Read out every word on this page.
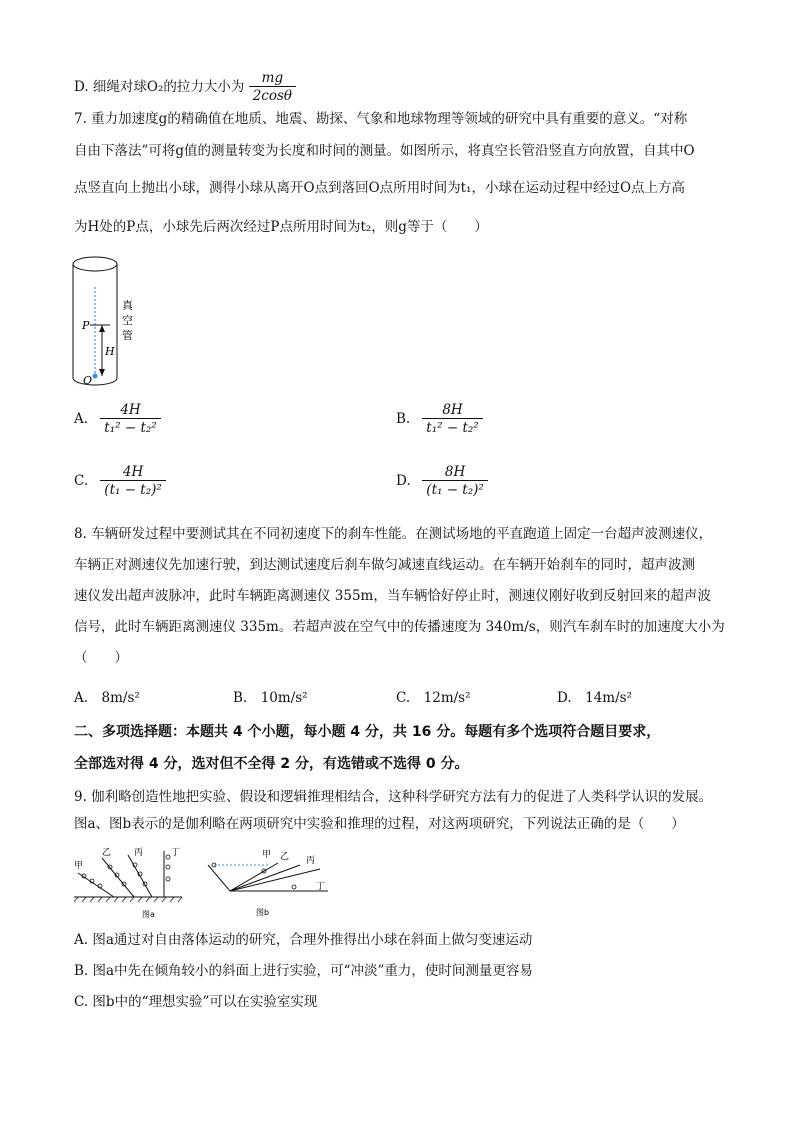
D. 细绳对球O₂的拉力大小为 $\frac{mg}{2\cos\theta}$
7. 重力加速度g的精确值在地质、地震、勘探、气象和地球物理等领域的研究中具有重要的意义。“对称
自由下落法”可将g值的测量转变为长度和时间的测量。如图所示，将真空长管沿竖直方向放置，自其中O
点竖直向上抛出小球，测得小球从离开O点到落回O点所用时间为t₁，小球在运动过程中经过O点上方高
为H处的P点，小球先后两次经过P点所用时间为t₂，则g等于（　　）
P
H
O
真
空
管
A. $\frac{4H}{\text{t₁² − t₂²}}$	B. $\frac{8H}{\text{t₁² − t₂²}}$
C. $\frac{4H}{\text{(t₁ − t₂)²}}$	D. $\frac{8H}{\text{(t₁ − t₂)²}}$
8. 车辆研发过程中要测试其在不同初速度下的刹车性能。在测试场地的平直跑道上固定一台超声波测速仪，
车辆正对测速仪先加速行驶，到达测试速度后刹车做匀减速直线运动。在车辆开始刹车的同时，超声波测
速仪发出超声波脉冲，此时车辆距离测速仪 355m，当车辆恰好停止时，测速仪刚好收到反射回来的超声波
信号，此时车辆距离测速仪 335m。若超声波在空气中的传播速度为 340m/s，则汽车刹车时的加速度大小为
（　　）
A.　8m/s²	B.　10m/s²	C.　12m/s²	D.　14m/s²
二、多项选择题：本题共 4 个小题，每小题 4 分，共 16 分。每题有多个选项符合题目要求，
全部选对得 4 分，选对但不全得 2 分，有选错或不选得 0 分。
9. 伽利略创造性地把实验、假设和逻辑推理相结合，这种科学研究方法有力的促进了人类科学认识的发展。
图a、图b表示的是伽利略在两项研究中实验和推理的过程，对这两项研究，下列说法正确的是（　　）
甲
乙	丙	丁
图a
甲 乙 丙
丁
图b
A. 图a通过对自由落体运动的研究，合理外推得出小球在斜面上做匀变速运动
B. 图a中先在倾角较小的斜面上进行实验，可“冲淡”重力，使时间测量更容易
C. 图b中的“理想实验”可以在实验室实现
